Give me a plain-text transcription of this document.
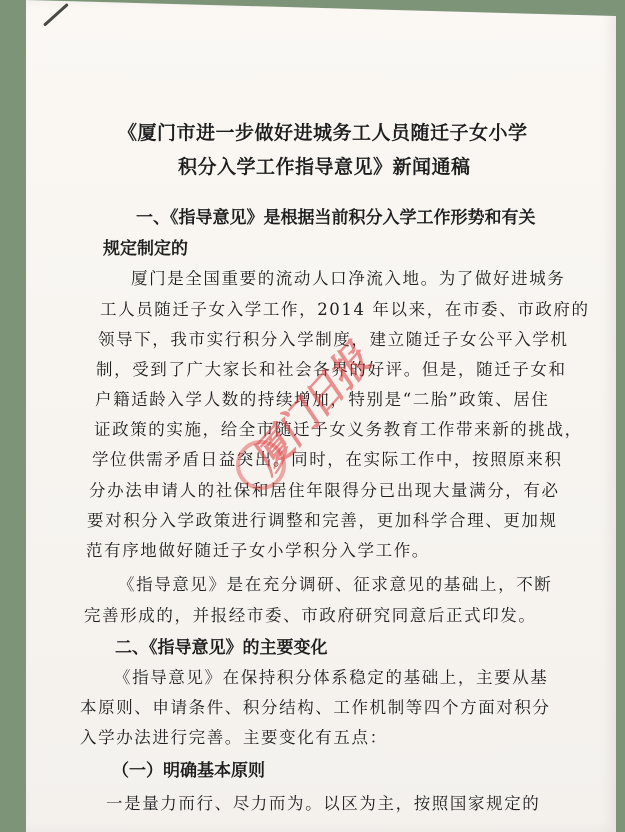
《厦门市进一步做好进城务工人员随迁子女小学
积分入学工作指导意见》新闻通稿
一、《指导意见》是根据当前积分入学工作形势和有关
规定制定的
厦门是全国重要的流动人口净流入地。为了做好进城务
工人员随迁子女入学工作，2014 年以来，在市委、市政府的
领导下，我市实行积分入学制度，建立随迁子女公平入学机
制，受到了广大家长和社会各界的好评。但是，随迁子女和
户籍适龄入学人数的持续增加，特别是“二胎”政策、居住
证政策的实施，给全市随迁子女义务教育工作带来新的挑战，
学位供需矛盾日益突出。同时，在实际工作中，按照原来积
分办法申请人的社保和居住年限得分已出现大量满分，有必
要对积分入学政策进行调整和完善，更加科学合理、更加规
范有序地做好随迁子女小学积分入学工作。
《指导意见》是在充分调研、征求意见的基础上，不断
完善形成的，并报经市委、市政府研究同意后正式印发。
二、《指导意见》的主要变化
《指导意见》在保持积分体系稳定的基础上，主要从基
本原则、申请条件、积分结构、工作机制等四个方面对积分
入学办法进行完善。主要变化有五点：
（一）明确基本原则
一是量力而行、尽力而为。以区为主，按照国家规定的
厦门日报
